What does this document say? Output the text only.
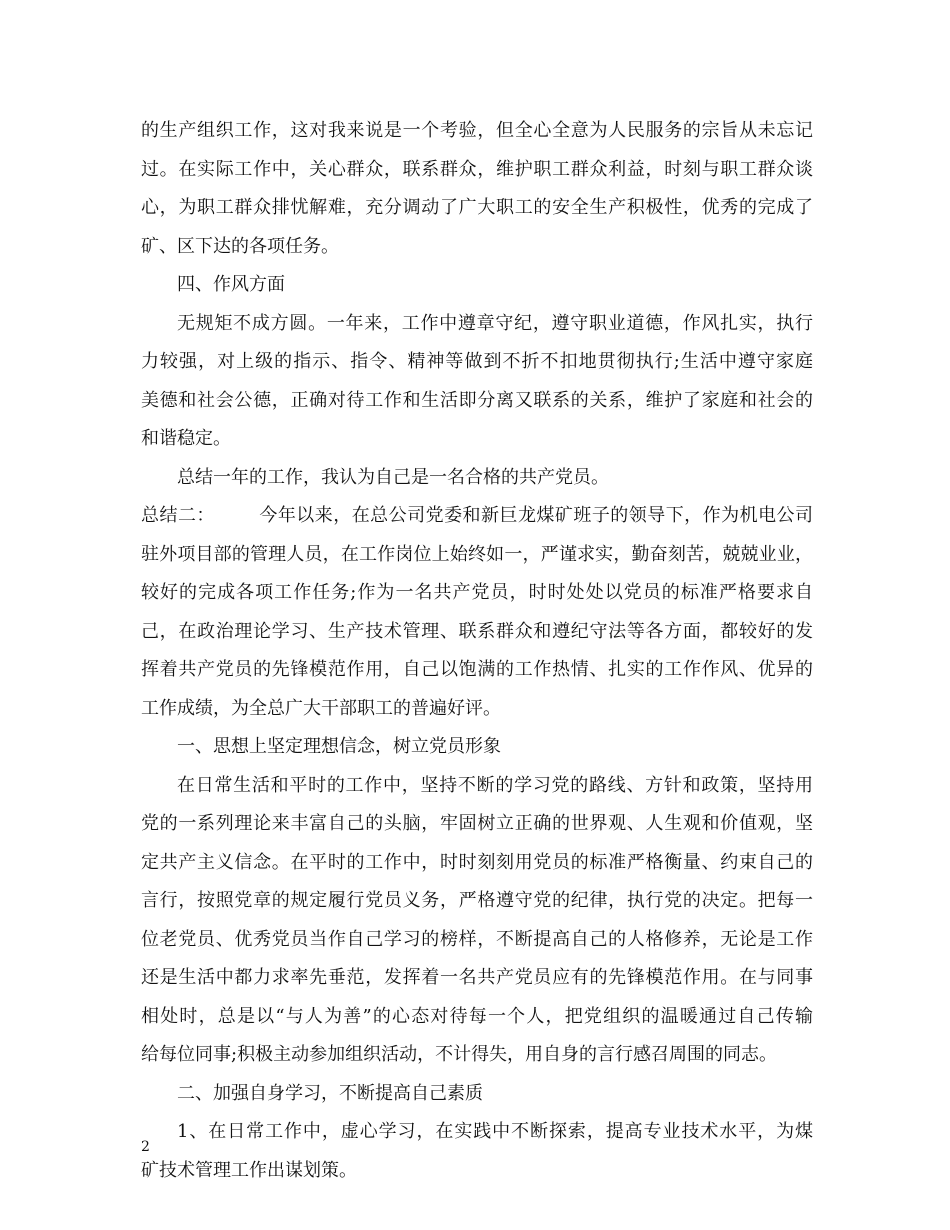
的生产组织工作，这对我来说是一个考验，但全心全意为人民服务的宗旨从未忘记
过。在实际工作中，关心群众，联系群众，维护职工群众利益，时刻与职工群众谈
心，为职工群众排忧解难，充分调动了广大职工的安全生产积极性，优秀的完成了
矿、区下达的各项任务。
四、作风方面
无规矩不成方圆。一年来，工作中遵章守纪，遵守职业道德，作风扎实，执行
力较强，对上级的指示、指令、精神等做到不折不扣地贯彻执行;生活中遵守家庭
美德和社会公德，正确对待工作和生活即分离又联系的关系，维护了家庭和社会的
和谐稳定。
总结一年的工作，我认为自己是一名合格的共产党员。
总结二： 今年以来，在总公司党委和新巨龙煤矿班子的领导下，作为机电公司
驻外项目部的管理人员，在工作岗位上始终如一，严谨求实，勤奋刻苦，兢兢业业，
较好的完成各项工作任务;作为一名共产党员，时时处处以党员的标准严格要求自
己，在政治理论学习、生产技术管理、联系群众和遵纪守法等各方面，都较好的发
挥着共产党员的先锋模范作用，自己以饱满的工作热情、扎实的工作作风、优异的
工作成绩，为全总广大干部职工的普遍好评。
一、思想上坚定理想信念，树立党员形象
在日常生活和平时的工作中，坚持不断的学习党的路线、方针和政策，坚持用
党的一系列理论来丰富自己的头脑，牢固树立正确的世界观、人生观和价值观，坚
定共产主义信念。在平时的工作中，时时刻刻用党员的标准严格衡量、约束自己的
言行，按照党章的规定履行党员义务，严格遵守党的纪律，执行党的决定。把每一
位老党员、优秀党员当作自己学习的榜样，不断提高自己的人格修养，无论是工作
还是生活中都力求率先垂范，发挥着一名共产党员应有的先锋模范作用。在与同事
相处时，总是以“与人为善”的心态对待每一个人，把党组织的温暖通过自己传输
给每位同事;积极主动参加组织活动，不计得失，用自身的言行感召周围的同志。
二、加强自身学习，不断提高自己素质
1、在日常工作中，虚心学习，在实践中不断探索，提高专业技术水平，为煤
矿技术管理工作出谋划策。
2
